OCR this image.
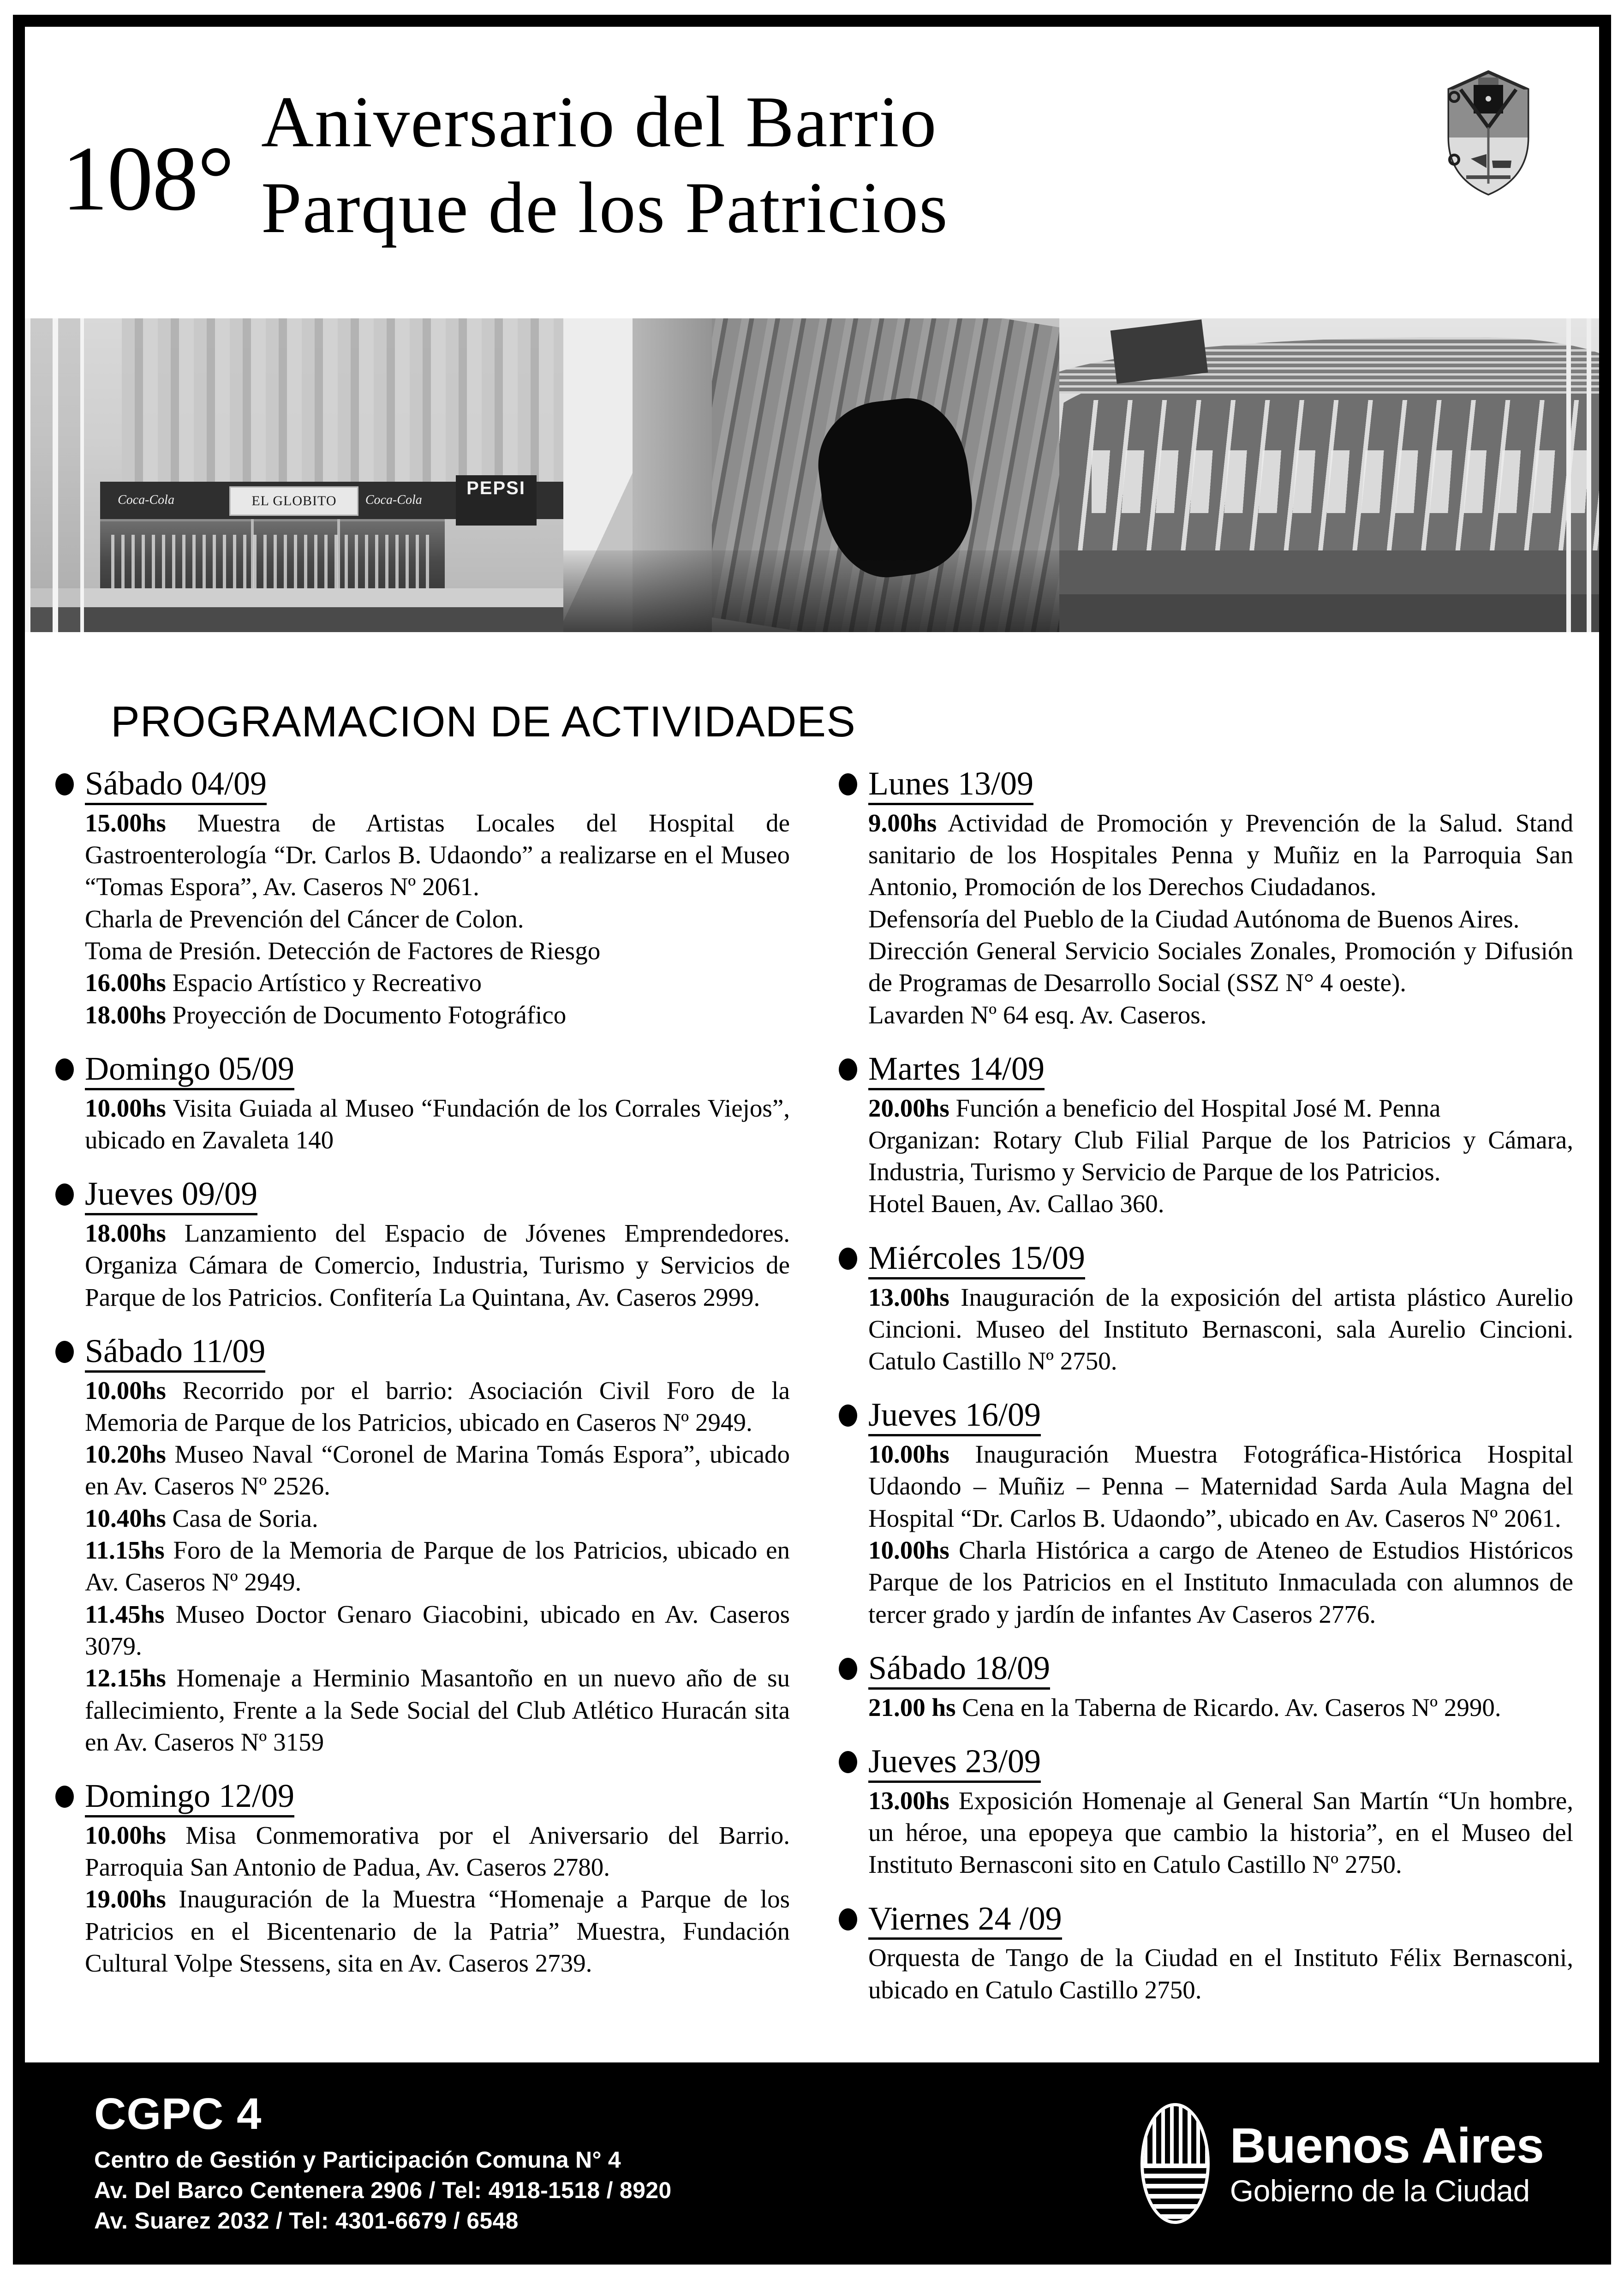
108°
Aniversario del Barrio
Parque de los Patricios
Coca-Cola	Coca-Cola
EL GLOBITO
PEPSI
PROGRAMACION DE ACTIVIDADES
Sábado 04/09
15.00hs Muestra de Artistas Locales del Hospital de Gastroenterología “Dr. Carlos B. Udaondo” a realizarse en el Museo “Tomas Espora”, Av. Caseros Nº 2061.
Charla de Prevención del Cáncer de Colon.
Toma de Presión. Detección de Factores de Riesgo
16.00hs Espacio Artístico y Recreativo
18.00hs Proyección de Documento Fotográfico
Domingo 05/09
10.00hs Visita Guiada al Museo “Fundación de los Corrales Viejos”, ubicado en Zavaleta 140
Jueves 09/09
18.00hs Lanzamiento del Espacio de Jóvenes Emprendedores. Organiza Cámara de Comercio, Industria, Turismo y Servicios de Parque de los Patricios. Confitería La Quintana, Av. Caseros 2999.
Sábado 11/09
10.00hs Recorrido por el barrio: Asociación Civil Foro de la Memoria de Parque de los Patricios, ubicado en Caseros Nº 2949.
10.20hs Museo Naval “Coronel de Marina Tomás Espora”, ubicado en Av. Caseros Nº 2526.
10.40hs Casa de Soria.
11.15hs Foro de la Memoria de Parque de los Patricios, ubicado en Av. Caseros Nº 2949.
11.45hs Museo Doctor Genaro Giacobini, ubicado en Av. Caseros 3079.
12.15hs Homenaje a Herminio Masantoño en un nuevo año de su fallecimiento, Frente a la Sede Social del Club Atlético Huracán sita en Av. Caseros Nº 3159
Domingo 12/09
10.00hs Misa Conmemorativa por el Aniversario del Barrio. Parroquia San Antonio de Padua, Av. Caseros 2780.
19.00hs Inauguración de la Muestra “Homenaje a Parque de los Patricios en el Bicentenario de la Patria” Muestra, Fundación Cultural Volpe Stessens, sita en Av. Caseros 2739.
Lunes 13/09
9.00hs Actividad de Promoción y Prevención de la Salud. Stand sanitario de los Hospitales Penna y Muñiz en la Parroquia San Antonio, Promoción de los Derechos Ciudadanos.
Defensoría del Pueblo de la Ciudad Autónoma de Buenos Aires.
Dirección General Servicio Sociales Zonales, Promoción y Difusión de Programas de Desarrollo Social (SSZ N° 4 oeste).
Lavarden Nº 64 esq. Av. Caseros.
Martes 14/09
20.00hs Función a beneficio del Hospital José M. Penna
Organizan: Rotary Club Filial Parque de los Patricios y Cámara, Industria, Turismo y Servicio de Parque de los Patricios.
Hotel Bauen, Av. Callao 360.
Miércoles 15/09
13.00hs Inauguración de la exposición del artista plástico Aurelio Cincioni. Museo del Instituto Bernasconi, sala Aurelio Cincioni. Catulo Castillo Nº 2750.
Jueves 16/09
10.00hs Inauguración Muestra Fotográfica-Histórica Hospital Udaondo – Muñiz – Penna – Maternidad Sarda Aula Magna del Hospital “Dr. Carlos B. Udaondo”, ubicado en Av. Caseros Nº 2061.
10.00hs Charla Histórica a cargo de Ateneo de Estudios Históricos Parque de los Patricios en el Instituto Inmaculada con alumnos de tercer grado y jardín de infantes Av Caseros 2776.
Sábado 18/09
21.00 hs Cena en la Taberna de Ricardo. Av. Caseros Nº 2990.
Jueves 23/09
13.00hs Exposición Homenaje al General San Martín “Un hombre, un héroe, una epopeya que cambio la historia”, en el Museo del Instituto Bernasconi sito en Catulo Castillo Nº 2750.
Viernes 24 /09
Orquesta de Tango de la Ciudad en el Instituto Félix Bernasconi, ubicado en Catulo Castillo 2750.
CGPC 4
Centro de Gestión y Participación Comuna N° 4
Av. Del Barco Centenera 2906 / Tel: 4918-1518 / 8920
Av. Suarez 2032 / Tel: 4301-6679 / 6548
Buenos Aires
Gobierno de la Ciudad
